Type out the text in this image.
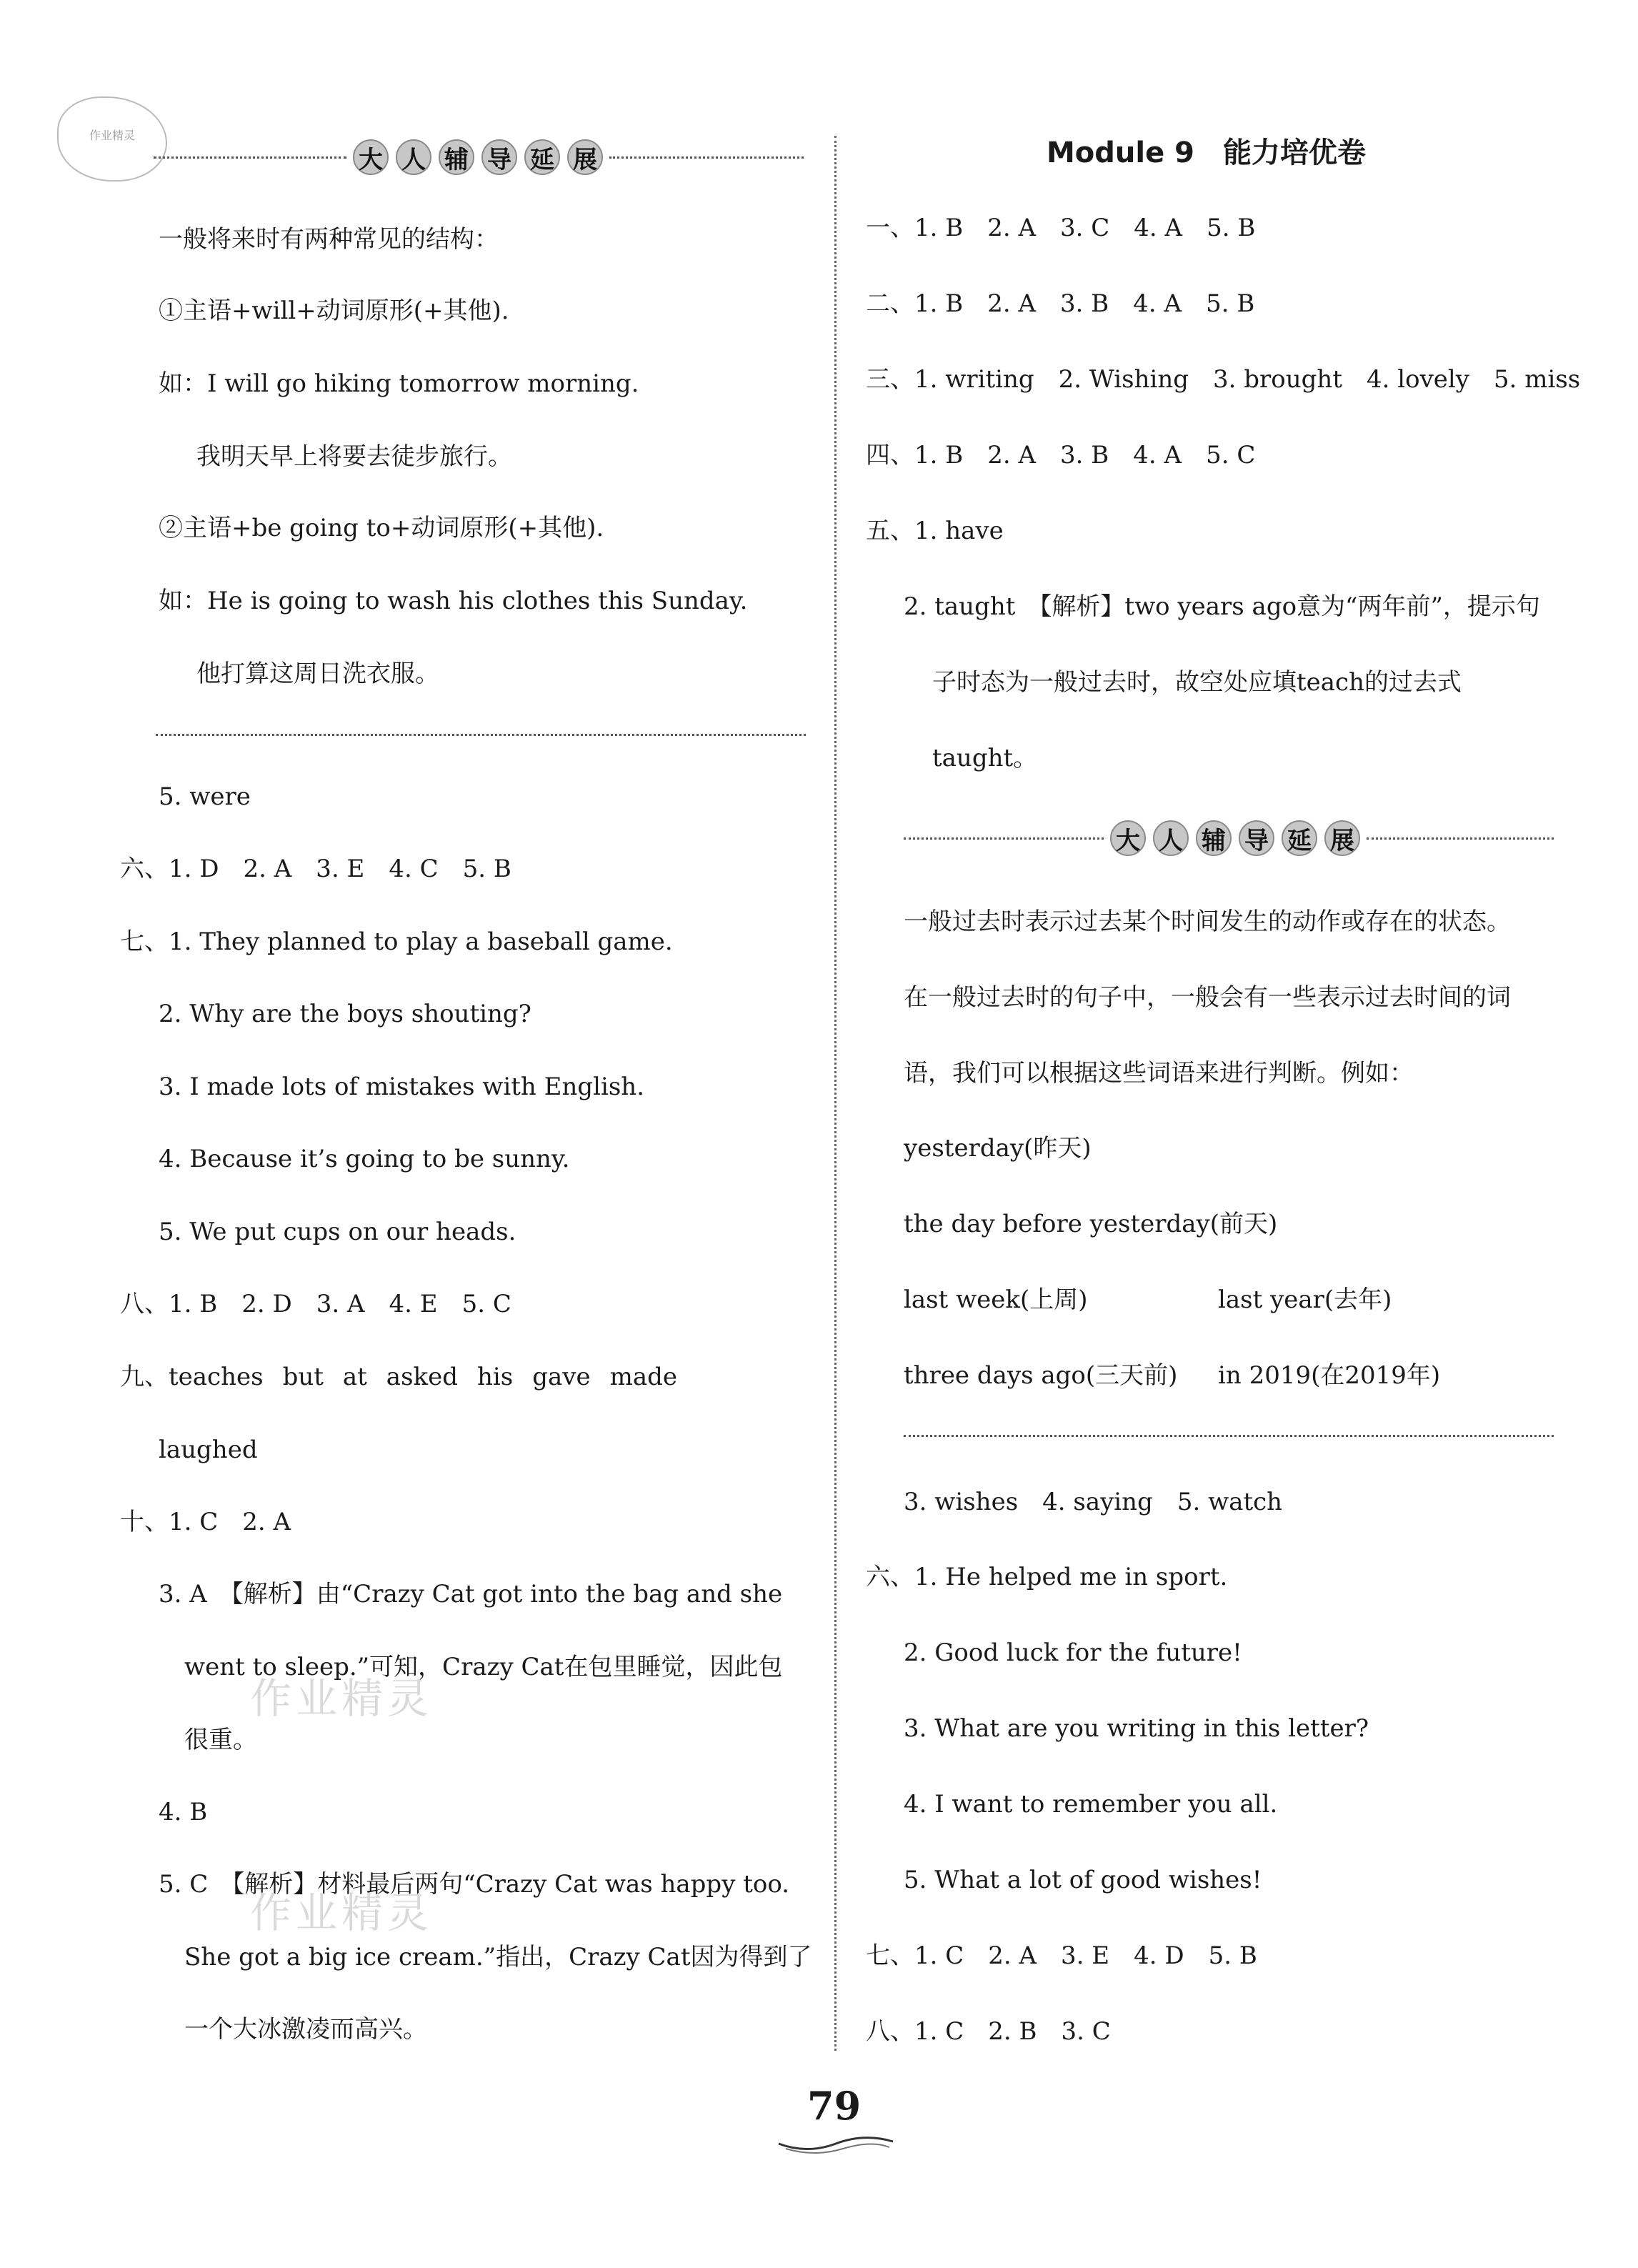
作业精灵
大 人 辅 导 延 展
一般将来时有两种常见的结构：
①主语+will+动词原形(+其他).
如：I will go hiking tomorrow morning.
我明天早上将要去徒步旅行。
②主语+be going to+动词原形(+其他).
如：He is going to wash his clothes this Sunday.
他打算这周日洗衣服。
5. were
六、1. D　2. A　3. E　4. C　5. B
七、1. They planned to play a baseball game.
2. Why are the boys shouting?
3. I made lots of mistakes with English.
4. Because it’s going to be sunny.
5. We put cups on our heads.
八、1. B　2. D　3. A　4. E　5. C
九、teaches but at asked his gave made
laughed
十、1. C　2. A
3. A　【解析】由“Crazy Cat got into the bag and she
went to sleep.”可知，Crazy Cat在包里睡觉，因此包
很重。
4. B
5. C　【解析】材料最后两句“Crazy Cat was happy too.
She got a big ice cream.”指出，Crazy Cat因为得到了
一个大冰激凌而高兴。
作业精灵
作业精灵
Module 9　能力培优卷
一、1. B　2. A　3. C　4. A　5. B
二、1. B　2. A　3. B　4. A　5. B
三、1. writing　2. Wishing　3. brought　4. lovely　5. miss
四、1. B　2. A　3. B　4. A　5. C
五、1. have
2. taught　【解析】two years ago意为“两年前”，提示句
子时态为一般过去时，故空处应填teach的过去式
taught。
大 人 辅 导 延 展
一般过去时表示过去某个时间发生的动作或存在的状态。
在一般过去时的句子中，一般会有一些表示过去时间的词
语，我们可以根据这些词语来进行判断。例如：
yesterday(昨天)
the day before yesterday(前天)
last week(上周)	last year(去年)
three days ago(三天前) in 2019(在2019年)
3. wishes　4. saying　5. watch
六、1. He helped me in sport.
2. Good luck for the future!
3. What are you writing in this letter?
4. I want to remember you all.
5. What a lot of good wishes!
七、1. C　2. A　3. E　4. D　5. B
八、1. C　2. B　3. C
79
